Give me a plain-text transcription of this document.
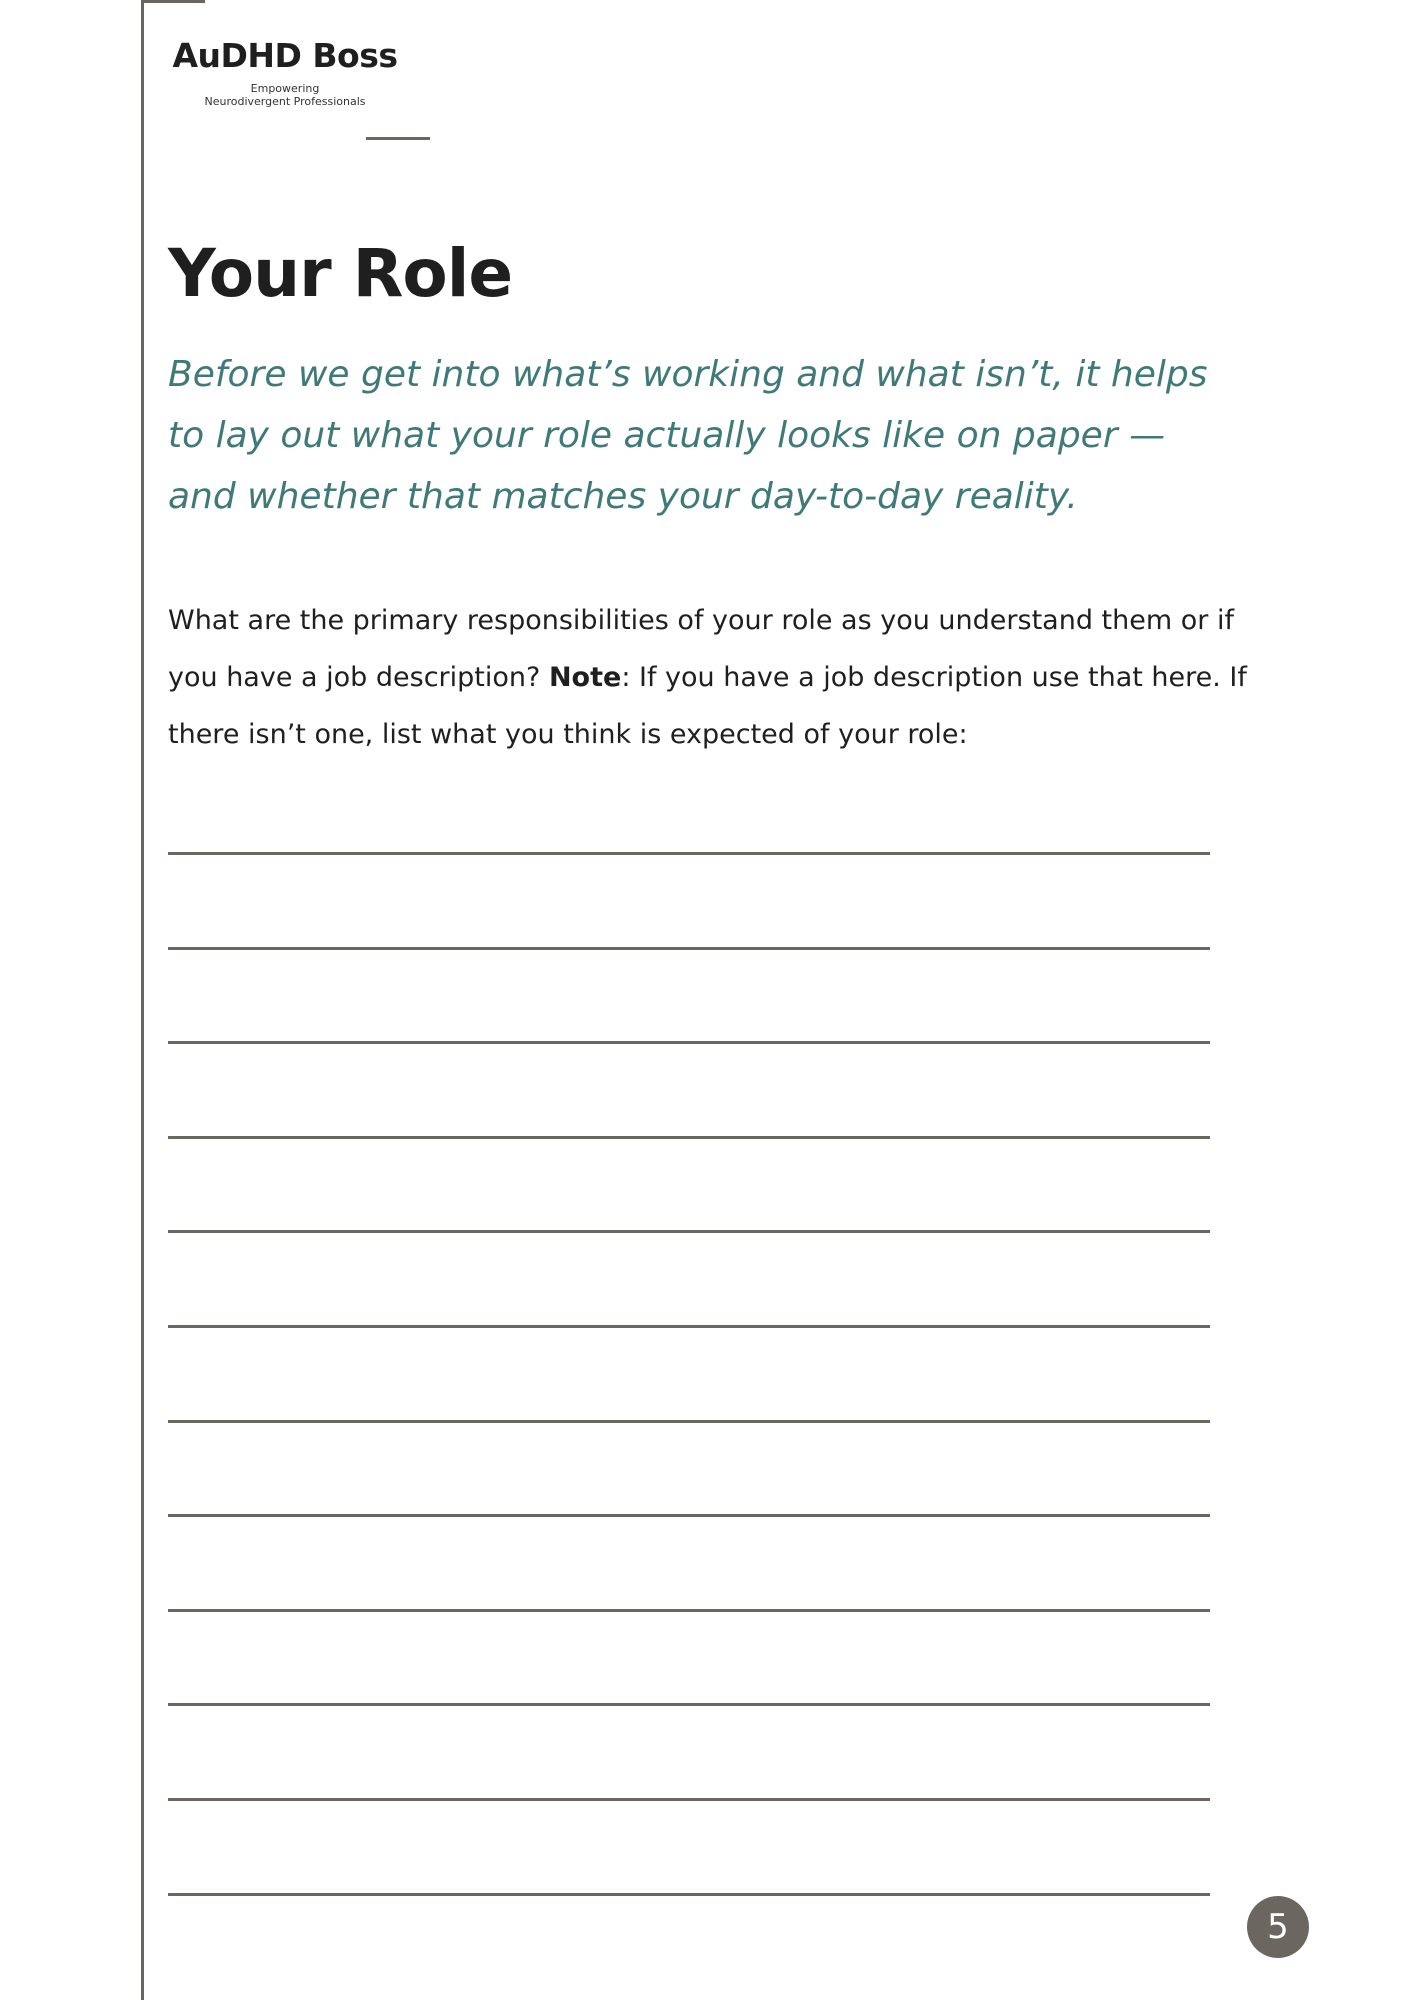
AuDHD Boss
Empowering
Neurodivergent Professionals
Your Role

Before we get into what’s working and what isn’t, it helps to lay out what your role actually looks like on paper — and whether that matches your day-to-day reality.

What are the primary responsibilities of your role as you understand them or if you have a job description? Note: If you have a job description use that here. If there isn’t one, list what you think is expected of your role:

5
